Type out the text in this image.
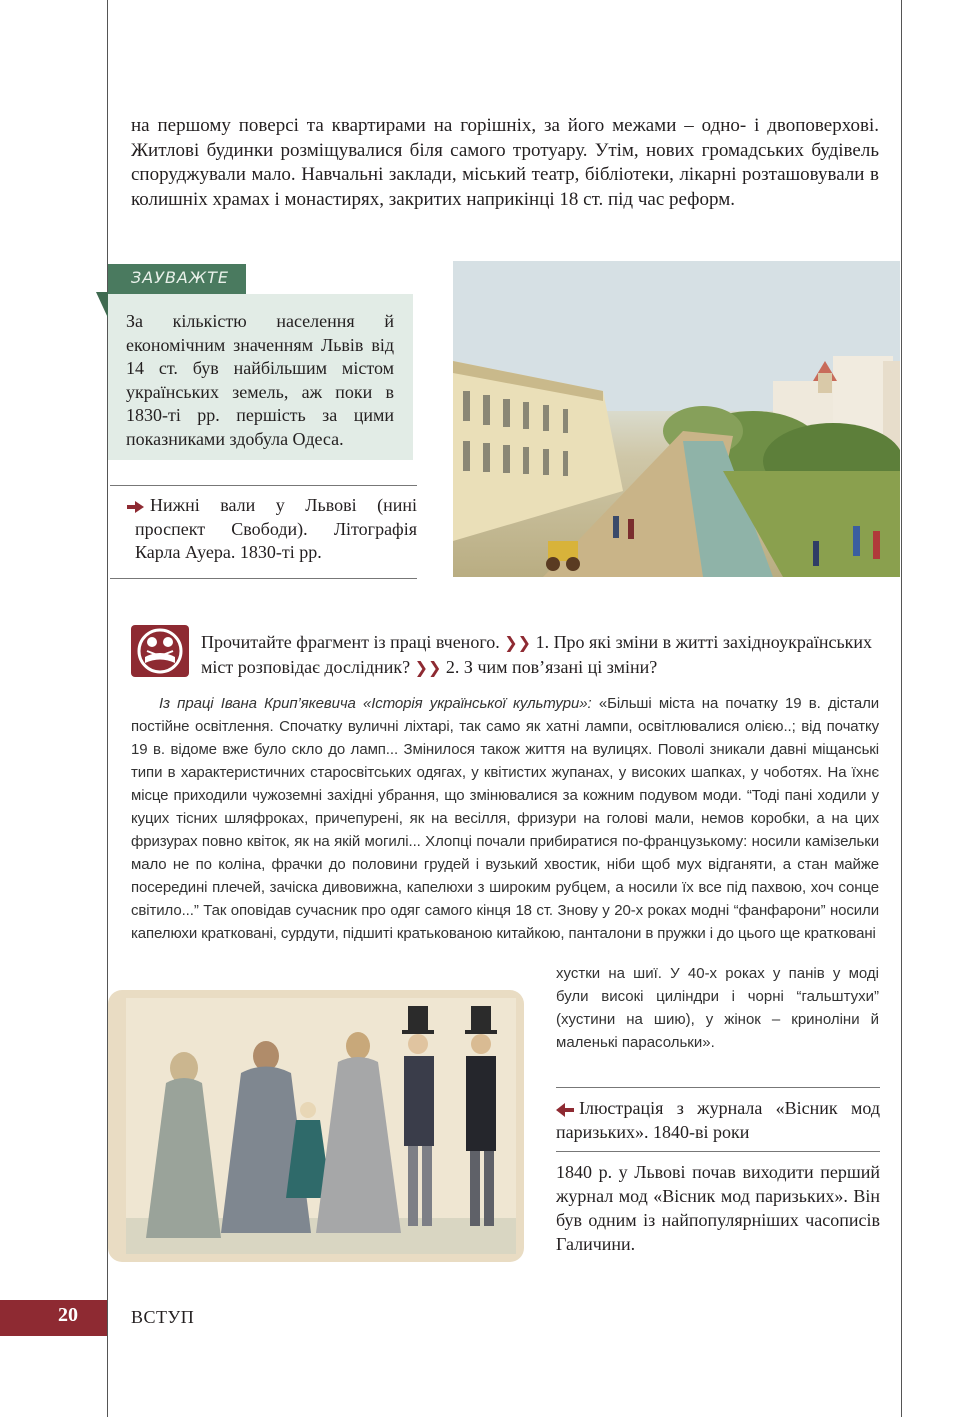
на першому поверсі та квартирами на горішніх, за його межами – одно- і двоповерхові. Житлові будинки розміщувалися біля самого тротуару. Утім, нових громадських будівель споруджували мало. Навчальні заклади, міський театр, бібліотеки, лікарні розташовували в колишніх храмах і монастирях, закритих наприкінці 18 ст. під час реформ.

ЗАУВАЖТЕ

За кількістю населення й економічним значенням Львів від 14 ст. був найбільшим містом українських земель, аж поки в 1830-ті рр. першість за цими показниками здобула Одеса.

Нижні вали у Львові (нині проспект Свободи). Літографія Карла Ауера. 1830-ті рр.

Прочитайте фрагмент із праці вченого. ❯❯ 1. Про які зміни в житті західноукраїнських міст розповідає дослідник? ❯❯ 2. З чим пов’язані ці зміни?

Із праці Івана Крип’якевича «Історія української культури»: «Більші міста на початку 19 в. дістали постійне освітлення. Спочатку вуличні ліхтарі, так само як хатні лампи, освітлювалися олією..; від початку 19 в. відоме вже було скло до ламп... Змінилося також життя на вулицях. Поволі зникали давні міщанські типи в характеристичних старосвітських одягах, у квітистих жупанах, у високих шапках, у чоботях. На їхнє місце приходили чужоземні західні убрання, що змінювалися за кожним подувом моди. “Тоді пані ходили у куцих тісних шляфроках, причепурені, як на весілля, фризури на голові мали, немов коробки, а на цих фризурах повно квіток, як на якій могилі... Хлопці почали прибиратися по-французькому: носили камізельки мало не по коліна, фрачки до половини грудей і вузький хвостик, ніби щоб мух відганяти, а стан майже посередині плечей, зачіска дивовижна, капелюхи з широким рубцем, а носили їх все під пахвою, хоч сонце світило...” Так оповідав сучасник про одяг самого кінця 18 ст. Знову у 20-х роках модні “фанфарони” носили капелюхи кратковані, сурдути, підшиті кратькованою китайкою, панталони в пружки і до цього ще кратковані

хустки на шиї. У 40-х роках у панів у моді були високі циліндри і чорні “гальштухи” (хустини на шию), у жінок – криноліни й маленькі парасольки».

Ілюстрація з журнала «Вісник мод паризьких». 1840-ві роки

1840 р. у Львові почав виходити перший журнал мод «Вісник мод паризьких». Він був одним із найпопулярніших часописів Галичини.

20	ВСТУП
